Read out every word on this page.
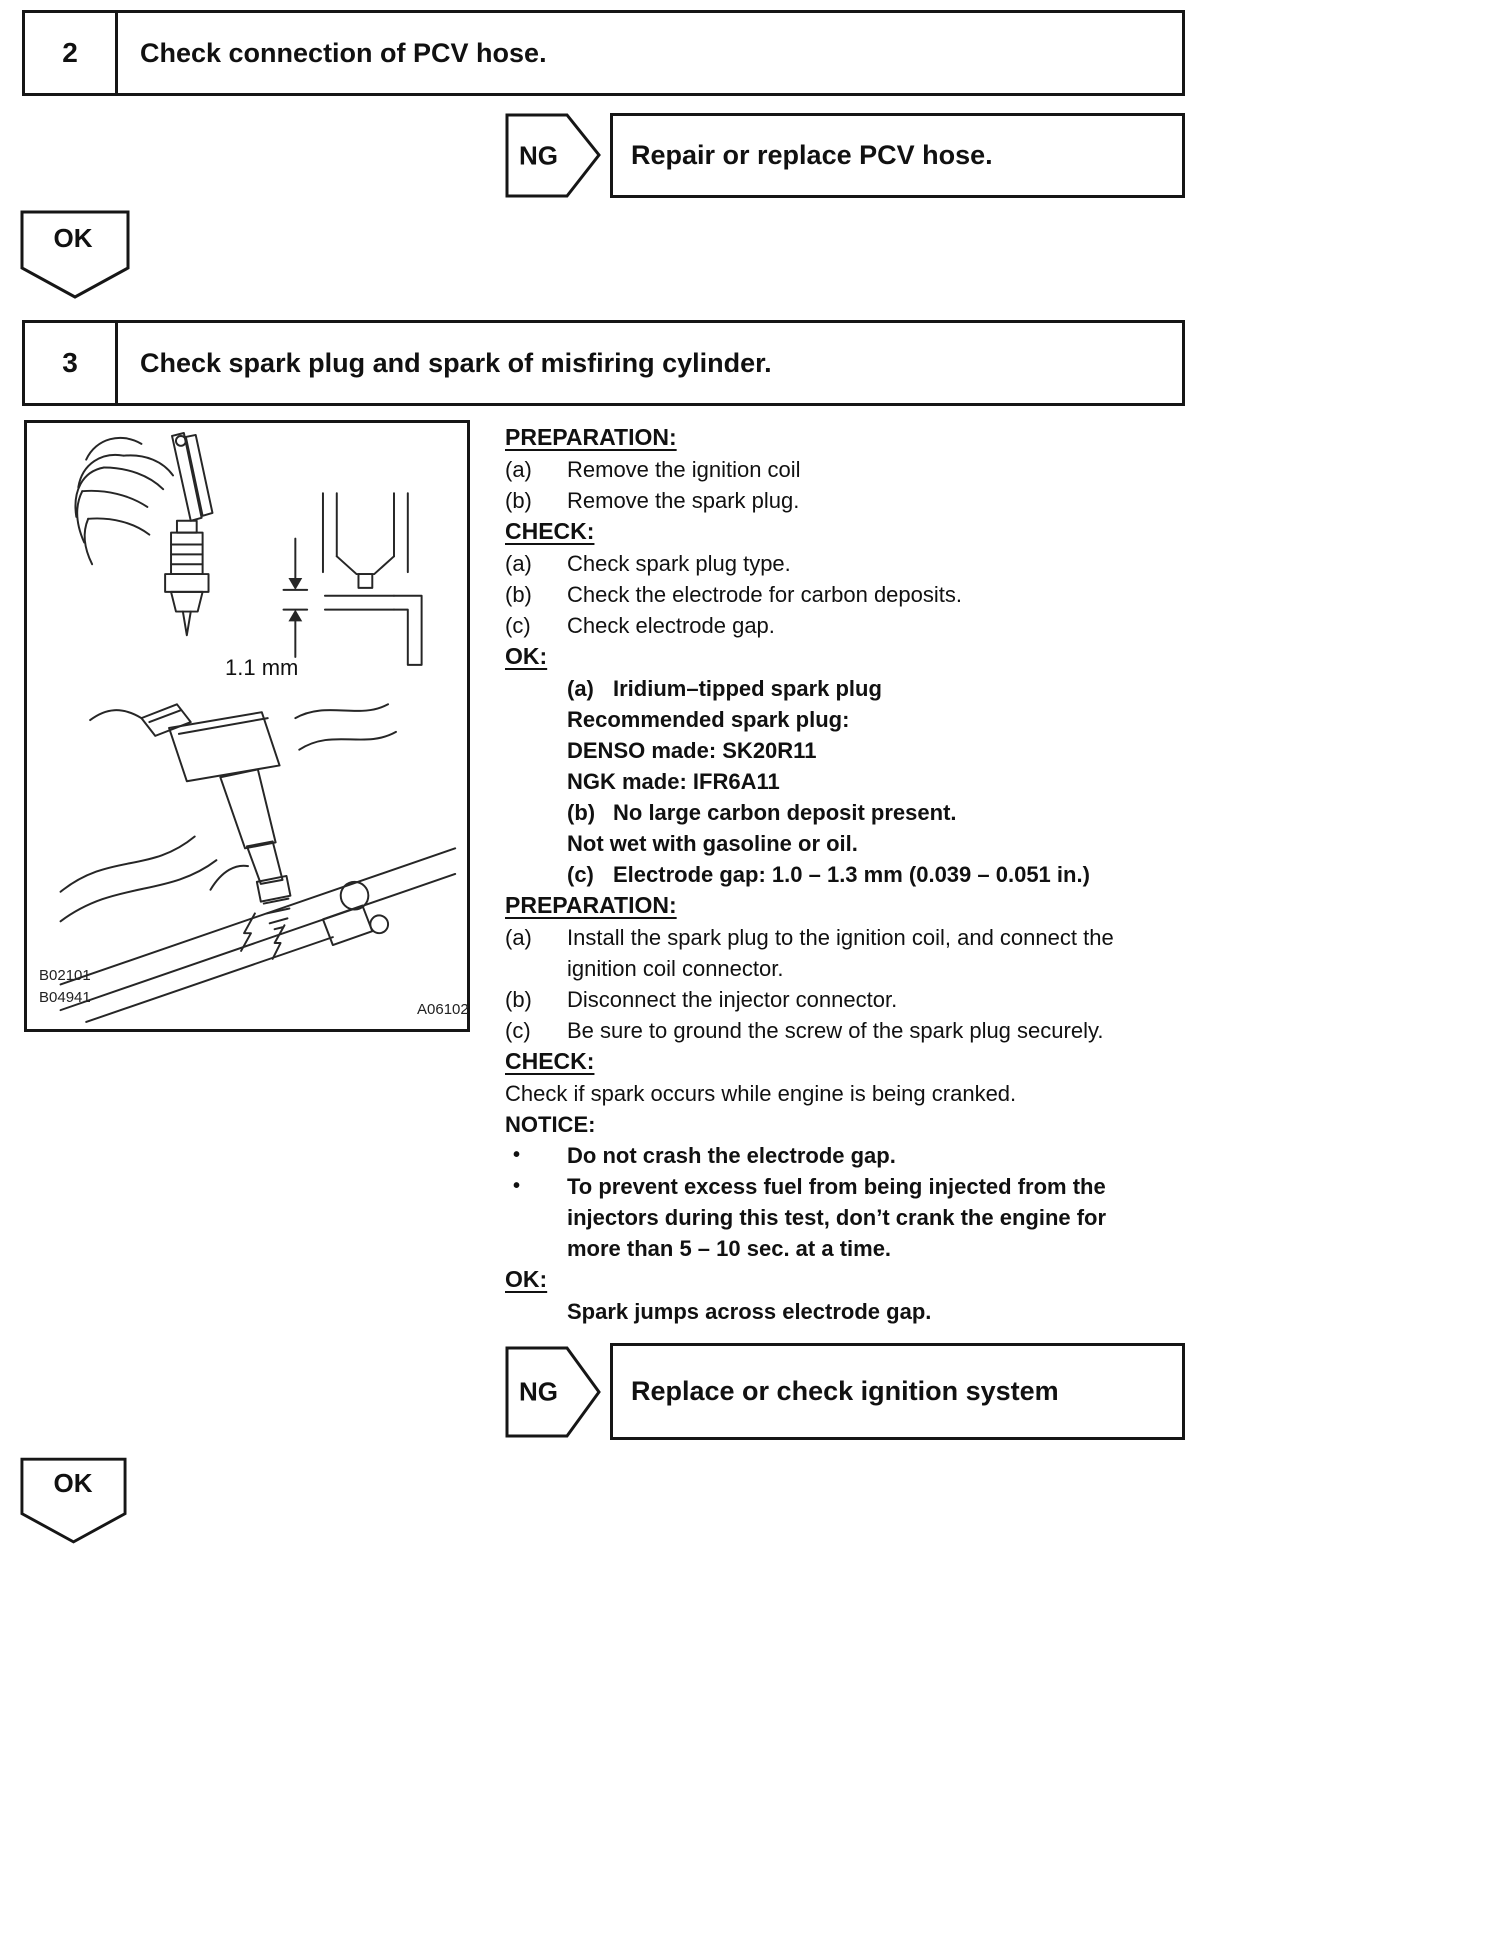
2	Check connection of PCV hose.
NG	Repair or replace PCV hose.
OK
3	Check spark plug and spark of misfiring cylinder.
1.1 mm
B02101
B04941
A06102
PREPARATION:
(a)	Remove the ignition coil
(b)	Remove the spark plug.
CHECK:
(a)	Check spark plug type.
(b)	Check the electrode for carbon deposits.
(c)	Check electrode gap.
OK:
(a) Iridium–tipped spark plug
Recommended spark plug:
DENSO made: SK20R11
NGK made: IFR6A11
(b) No large carbon deposit present.
Not wet with gasoline or oil.
(c) Electrode gap: 1.0 – 1.3 mm (0.039 – 0.051 in.)
PREPARATION:
(a)	Install the spark plug to the ignition coil, and connect the ignition coil connector.
(b)	Disconnect the injector connector.
(c)	Be sure to ground the screw of the spark plug securely.
CHECK:
Check if spark occurs while engine is being cranked.
NOTICE:
•	Do not crash the electrode gap.
•	To prevent excess fuel from being injected from the injectors during this test, don’t crank the engine for more than 5 – 10 sec. at a time.
OK:
Spark jumps across electrode gap.
NG	Replace or check ignition system
OK
